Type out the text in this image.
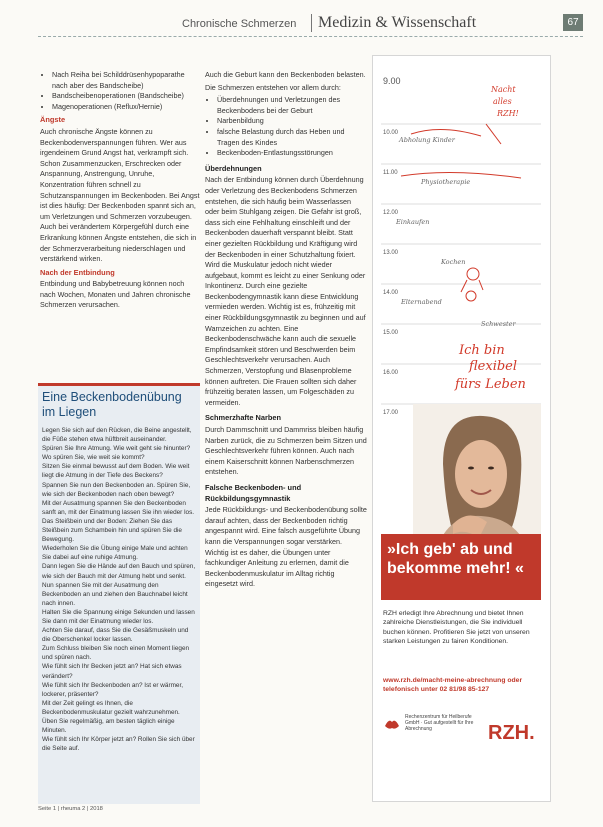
Chronische Schmerzen Medizin & Wissenschaft	67
• Nach Reiha bei Schilddrüsenhypoparathe nach aber des Bandscheibe)
• Bandscheibenoperationen (Bandscheibe)
• Magenoperationen (Reflux/Hernie)
Ängste

Auch chronische Ängste können zu Beckenbodenverspannungen führen. Wer aus irgendeinem Grund Angst hat, verkrampft sich. Schon Zusammenzucken, Erschrecken oder Anspannung, Anstrengung, Unruhe, Konzentration führen schnell zu Schutzanspannungen im Beckenboden. Bei Angst ist dies häufig: Der Beckenboden spannt sich an, um Verletzungen und Schmerzen vorzubeugen. Auch bei verändertem Körpergefühl durch eine Erkrankung können Ängste entstehen, die sich in der Schmerzverarbeitung niederschlagen und verstärkend wirken.

Nach der Entbindung

Entbindung und Babybetreuung können noch nach Wochen, Monaten und Jahren chronische Schmerzen verursachen.

Eine Beckenbodenübung im Liegen

Legen Sie sich auf den Rücken, die Beine angestellt, die Füße stehen etwa hüftbreit auseinander.

Spüren Sie Ihre Atmung. Wie weit geht sie hinunter? Wo spüren Sie, wie weit sie kommt?

Sitzen Sie einmal bewusst auf dem Boden. Wie weit liegt die Atmung in der Tiefe des Beckens?

Spannen Sie nun den Beckenboden an. Spüren Sie, wie sich der Beckenboden nach oben bewegt?

Mit der Ausatmung spannen Sie den Beckenboden sanft an, mit der Einatmung lassen Sie ihn wieder los.

Das Steißbein und der Boden: Ziehen Sie das Steißbein zum Schambein hin und spüren Sie die Bewegung.

Wiederholen Sie die Übung einige Male und achten Sie dabei auf eine ruhige Atmung.

Dann legen Sie die Hände auf den Bauch und spüren, wie sich der Bauch mit der Atmung hebt und senkt.

Nun spannen Sie mit der Ausatmung den Beckenboden an und ziehen den Bauchnabel leicht nach innen.

Halten Sie die Spannung einige Sekunden und lassen Sie dann mit der Einatmung wieder los.

Achten Sie darauf, dass Sie die Gesäßmuskeln und die Oberschenkel locker lassen.

Zum Schluss bleiben Sie noch einen Moment liegen und spüren nach.

Wie fühlt sich Ihr Becken jetzt an? Hat sich etwas verändert?

Wie fühlt sich Ihr Beckenboden an? Ist er wärmer, lockerer, präsenter?

Mit der Zeit gelingt es Ihnen, die Beckenbodenmuskulatur gezielt wahrzunehmen.

Üben Sie regelmäßig, am besten täglich einige Minuten.

Wie fühlt sich Ihr Körper jetzt an? Rollen Sie sich über die Seite auf.

Auch die Geburt kann den Beckenboden belasten.

Die Schmerzen entstehen vor allem durch:

• Überdehnungen und Verletzungen des Beckenbodens bei der Geburt
• Narbenbildung
• falsche Belastung durch das Heben und Tragen des Kindes
• Beckenboden-Entlastungsstörungen
Überdehnungen

Nach der Entbindung können durch Überdehnung oder Verletzung des Beckenbodens Schmerzen entstehen, die sich häufig beim Wasserlassen oder beim Stuhlgang zeigen. Die Gefahr ist groß, dass sich eine Fehlhaltung einschleift und der Beckenboden dauerhaft verspannt bleibt. Statt einer gezielten Rückbildung und Kräftigung wird der Beckenboden in einer Schutzhaltung fixiert. Wird die Muskulatur jedoch nicht wieder aufgebaut, kommt es leicht zu einer Senkung oder Inkontinenz. Durch eine gezielte Beckenbodengymnastik kann diese Entwicklung vermieden werden. Wichtig ist es, frühzeitig mit einer Rückbildungsgymnastik zu beginnen und auf Warnzeichen zu achten. Eine Beckenbodenschwäche kann auch die sexuelle Empfindsamkeit stören und Beschwerden beim Geschlechtsverkehr verursachen. Auch Schmerzen, Verstopfung und Blasenprobleme können auftreten. Die Frauen sollten sich daher frühzeitig beraten lassen, um Folgeschäden zu vermeiden.

Schmerzhafte Narben

Durch Dammschnitt und Dammriss bleiben häufig Narben zurück, die zu Schmerzen beim Sitzen und Geschlechtsverkehr führen können. Auch nach einem Kaiserschnitt können Narbenschmerzen entstehen.

Falsche Beckenboden- und Rückbildungsgymnastik

Jede Rückbildungs- und Beckenbodenübung sollte darauf achten, dass der Beckenboden richtig angespannt wird. Eine falsch ausgeführte Übung kann die Verspannungen sogar verstärken. Wichtig ist es daher, die Übungen unter fachkundiger Anleitung zu erlernen, damit die Beckenbodenmuskulatur im Alltag richtig eingesetzt wird.

9.00
10.00
11.00
12.00
13.00
14.00
15.00
16.00
17.00
Abholung Kinder
Physiotherapie
Einkaufen
Kochen
Elternabend
Schwester
Nacht
alles
RZH!
Ich bin
flexibel
fürs Leben
»Ich geb' ab und bekomme mehr! «
RZH erledigt Ihre Abrechnung und bietet Ihnen zahlreiche Dienstleistungen, die Sie individuell buchen können. Profitieren Sie jetzt von unseren starken Leistungen zu fairen Konditionen.
www.rzh.de/macht-meine-abrechnung oder telefonisch unter 02 81/98 85-127
Rechenzentrum für Heilberufe GmbH · Gut aufgestellt für Ihre Abrechnung	RZH.
Seite 1 | rheuma 2 | 2018
